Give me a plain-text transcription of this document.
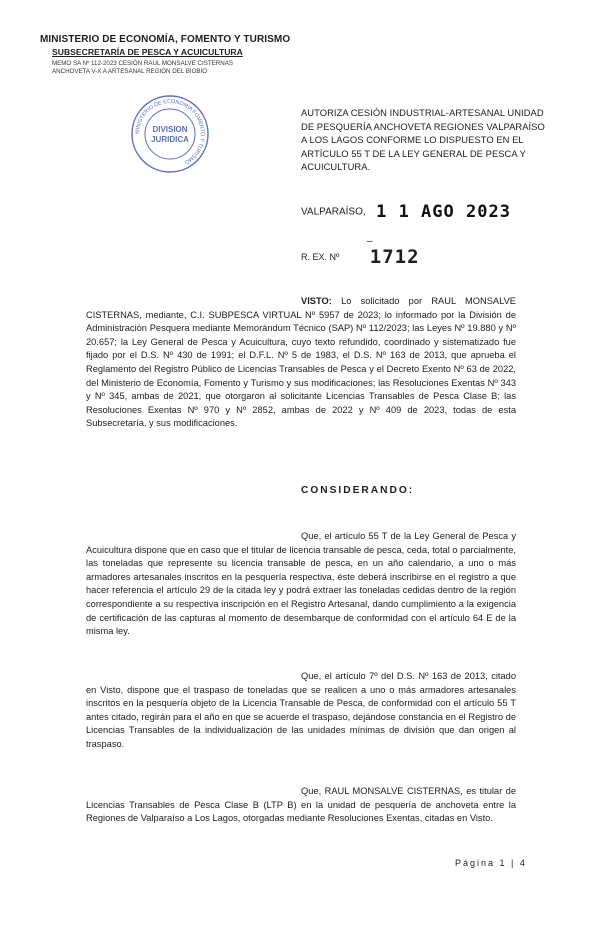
MINISTERIO DE ECONOMÍA, FOMENTO Y TURISMO
SUBSECRETARÍA DE PESCA Y ACUICULTURA
MEMO SA Nº 112-2023 CESIÓN RAUL MONSALVE CISTERNAS
ANCHOVETA V-X A ARTESANAL REGIÓN DEL BIOBIO
MINISTERIO DE ECONOMIA FOMENTO Y TURISMO
DIVISION
JURIDICA
AUTORIZA CESIÓN INDUSTRIAL-ARTESANAL UNIDAD DE PESQUERÍA ANCHOVETA REGIONES VALPARAÍSO A LOS LAGOS CONFORME LO DISPUESTO EN EL ARTÍCULO 55 T DE LA LEY GENERAL DE PESCA Y ACUICULTURA.
VALPARAÍSO, 1 1 AGO 2023
R. EX. Nº
–
1712

VISTO: Lo solicitado por RAUL MONSALVE CISTERNAS, mediante, C.I. SUBPESCA VIRTUAL Nº 5957 de 2023; lo informado por la División de Administración Pesquera mediante Memorándum Técnico (SAP) Nº 112/2023; las Leyes Nº 19.880 y Nº 20.657; la Ley General de Pesca y Acuicultura, cuyo texto refundido, coordinado y sistematizado fue fijado por el D.S. Nº 430 de 1991; el D.F.L. Nº 5 de 1983, el D.S. Nº 163 de 2013, que aprueba el Reglamento del Registro Público de Licencias Transables de Pesca y el Decreto Exento Nº 63 de 2022, del Ministerio de Economía, Fomento y Turismo y sus modificaciones; las Resoluciones Exentas Nº 343 y Nº 345, ambas de 2021, que otorgaron al solicitante Licencias Transables de Pesca Clase B; las Resoluciones Exentas Nº 970 y Nº 2852, ambas de 2022 y Nº 409 de 2023, todas de esta Subsecretaría, y sus modificaciones.

CONSIDERANDO:

Que, el artículo 55 T de la Ley General de Pesca y Acuicultura dispone que en caso que el titular de licencia transable de pesca, ceda, total o parcialmente, las toneladas que represente su licencia transable de pesca, en un año calendario, a uno o más armadores artesanales inscritos en la pesquería respectiva, éste deberá inscribirse en el registro a que hacer referencia el artículo 29 de la citada ley y podrá extraer las toneladas cedidas dentro de la región correspondiente a su respectiva inscripción en el Registro Artesanal, dando cumplimiento a la exigencia de certificación de las capturas al momento de desembarque de conformidad con el artículo 64 E de la misma ley.

Que, el artículo 7º del D.S. Nº 163 de 2013, citado en Visto, dispone que el traspaso de toneladas que se realicen a uno o más armadores artesanales inscritos en la pesquería objeto de la Licencia Transable de Pesca, de conformidad con el artículo 55 T antes citado, regirán para el año en que se acuerde el traspaso, dejándose constancia en el Registro de Licencias Transables de la individualización de las unidades mínimas de división que dan origen al traspaso.

Que, RAUL MONSALVE CISTERNAS, es titular de Licencias Transables de Pesca Clase B (LTP B) en la unidad de pesquería de anchoveta entre la Regiones de Valparaíso a Los Lagos, otorgadas mediante Resoluciones Exentas, citadas en Visto.

Página 1 | 4
